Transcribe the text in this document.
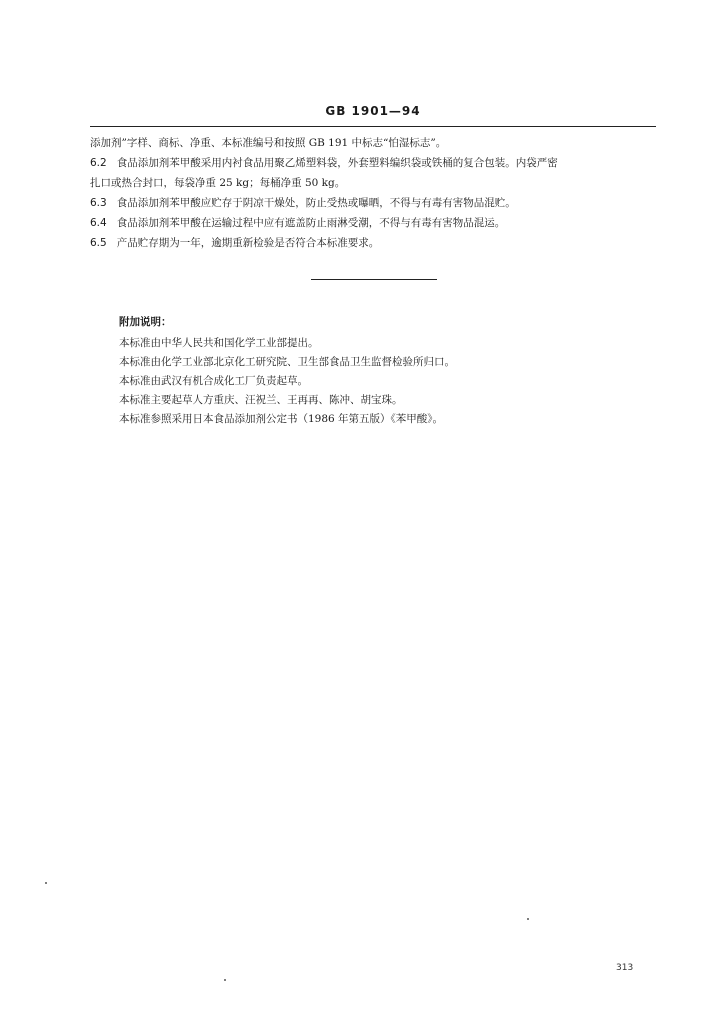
GB 1901—94
添加剂”字样、商标、净重、本标准编号和按照 GB 191 中标志“怕湿标志”。
6.2 食品添加剂苯甲酸采用内衬食品用聚乙烯塑料袋，外套塑料编织袋或铁桶的复合包装。内袋严密
扎口或热合封口，每袋净重 25 kg；每桶净重 50 kg。
6.3 食品添加剂苯甲酸应贮存于阴凉干燥处，防止受热或曝晒，不得与有毒有害物品混贮。
6.4 食品添加剂苯甲酸在运输过程中应有遮盖防止雨淋受潮，不得与有毒有害物品混运。
6.5 产品贮存期为一年，逾期重新检验是否符合本标准要求。
附加说明：
本标准由中华人民共和国化学工业部提出。
本标准由化学工业部北京化工研究院、卫生部食品卫生监督检验所归口。
本标准由武汉有机合成化工厂负责起草。
本标准主要起草人方重庆、汪祝兰、王再再、陈冲、胡宝珠。
本标准参照采用日本食品添加剂公定书（1986 年第五版）《苯甲酸》。
313
